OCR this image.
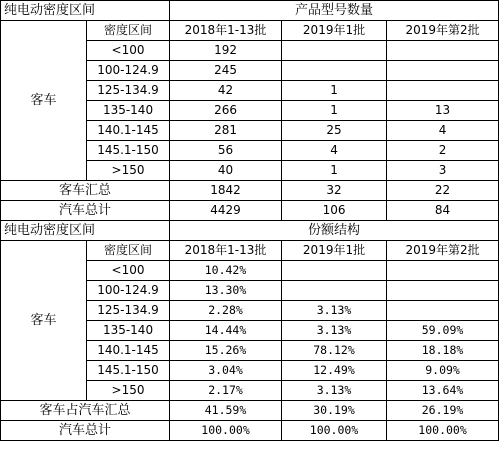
纯电动密度区间		产品型号数量		
客车	密度区间	2018年1-13批	2019年1批	2019年第2批
	<100	192		
	100-124.9	245		
	125-134.9	42	1	
	135-140	266	1	13
	140.1-145	281	25	4
	145.1-150	56	4	2
	>150	40	1	3
客车汇总		1842	32	22
汽车总计		4429	106	84
纯电动密度区间		份额结构		
客车	密度区间	2018年1-13批	2019年1批	2019年第2批
	<100	10.42%		
	100-124.9	13.30%		
	125-134.9	2.28%	3.13%	
	135-140	14.44%	3.13%	59.09%
	140.1-145	15.26%	78.12%	18.18%
	145.1-150	3.04%	12.49%	9.09%
	>150	2.17%	3.13%	13.64%
客车占汽车汇总		41.59%	30.19%	26.19%
汽车总计		100.00%	100.00%	100.00%
